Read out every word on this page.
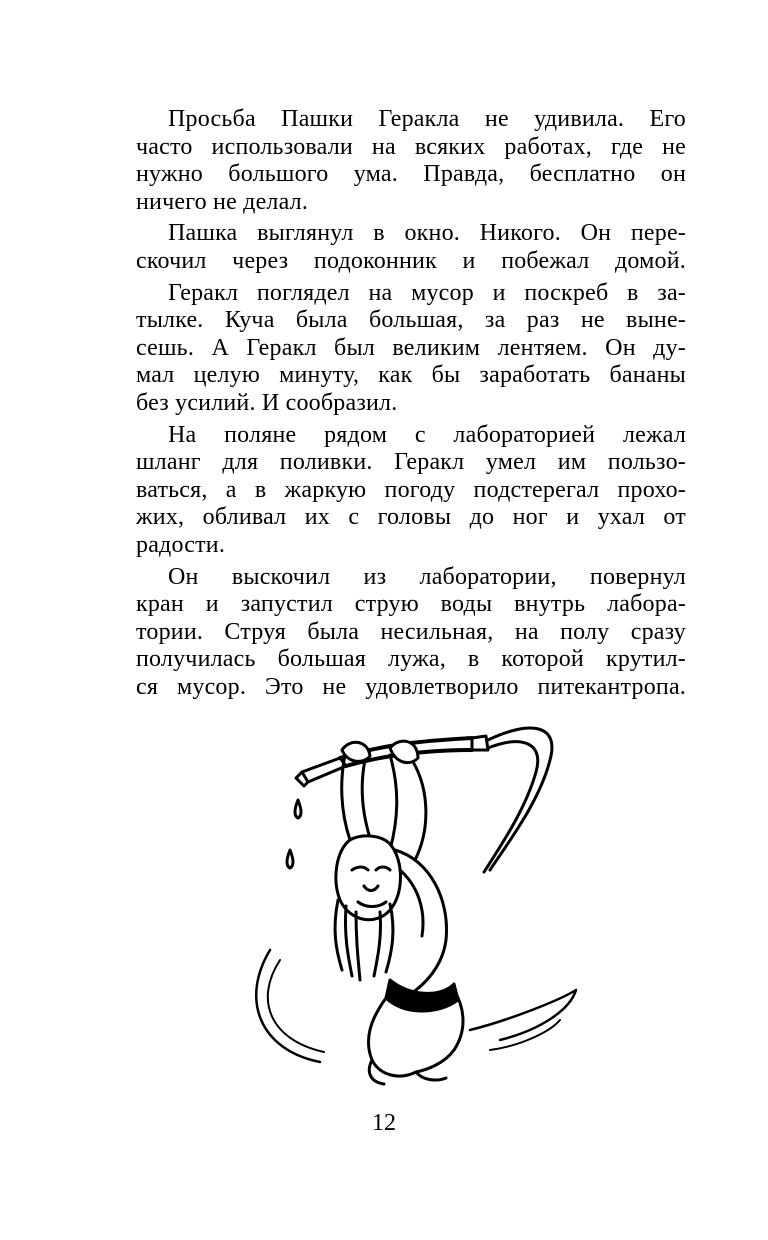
Просьба Пашки Геракла не удивила. Его
часто использовали на всяких работах, где не
нужно большого ума. Правда, бесплатно он
ничего не делал.
Пашка выглянул в окно. Никого. Он пере-
скочил через подоконник и побежал домой.
Геракл поглядел на мусор и поскреб в за-
тылке. Куча была большая, за раз не выне-
сешь. А Геракл был великим лентяем. Он ду-
мал целую минуту, как бы заработать бананы
без усилий. И сообразил.
На поляне рядом с лабораторией лежал
шланг для поливки. Геракл умел им пользо-
ваться, а в жаркую погоду подстерегал прохо-
жих, обливал их с головы до ног и ухал от
радости.
Он выскочил из лаборатории, повернул
кран и запустил струю воды внутрь лабора-
тории. Струя была несильная, на полу сразу
получилась большая лужа, в которой крутил-
ся мусор. Это не удовлетворило питекантропа.
12
